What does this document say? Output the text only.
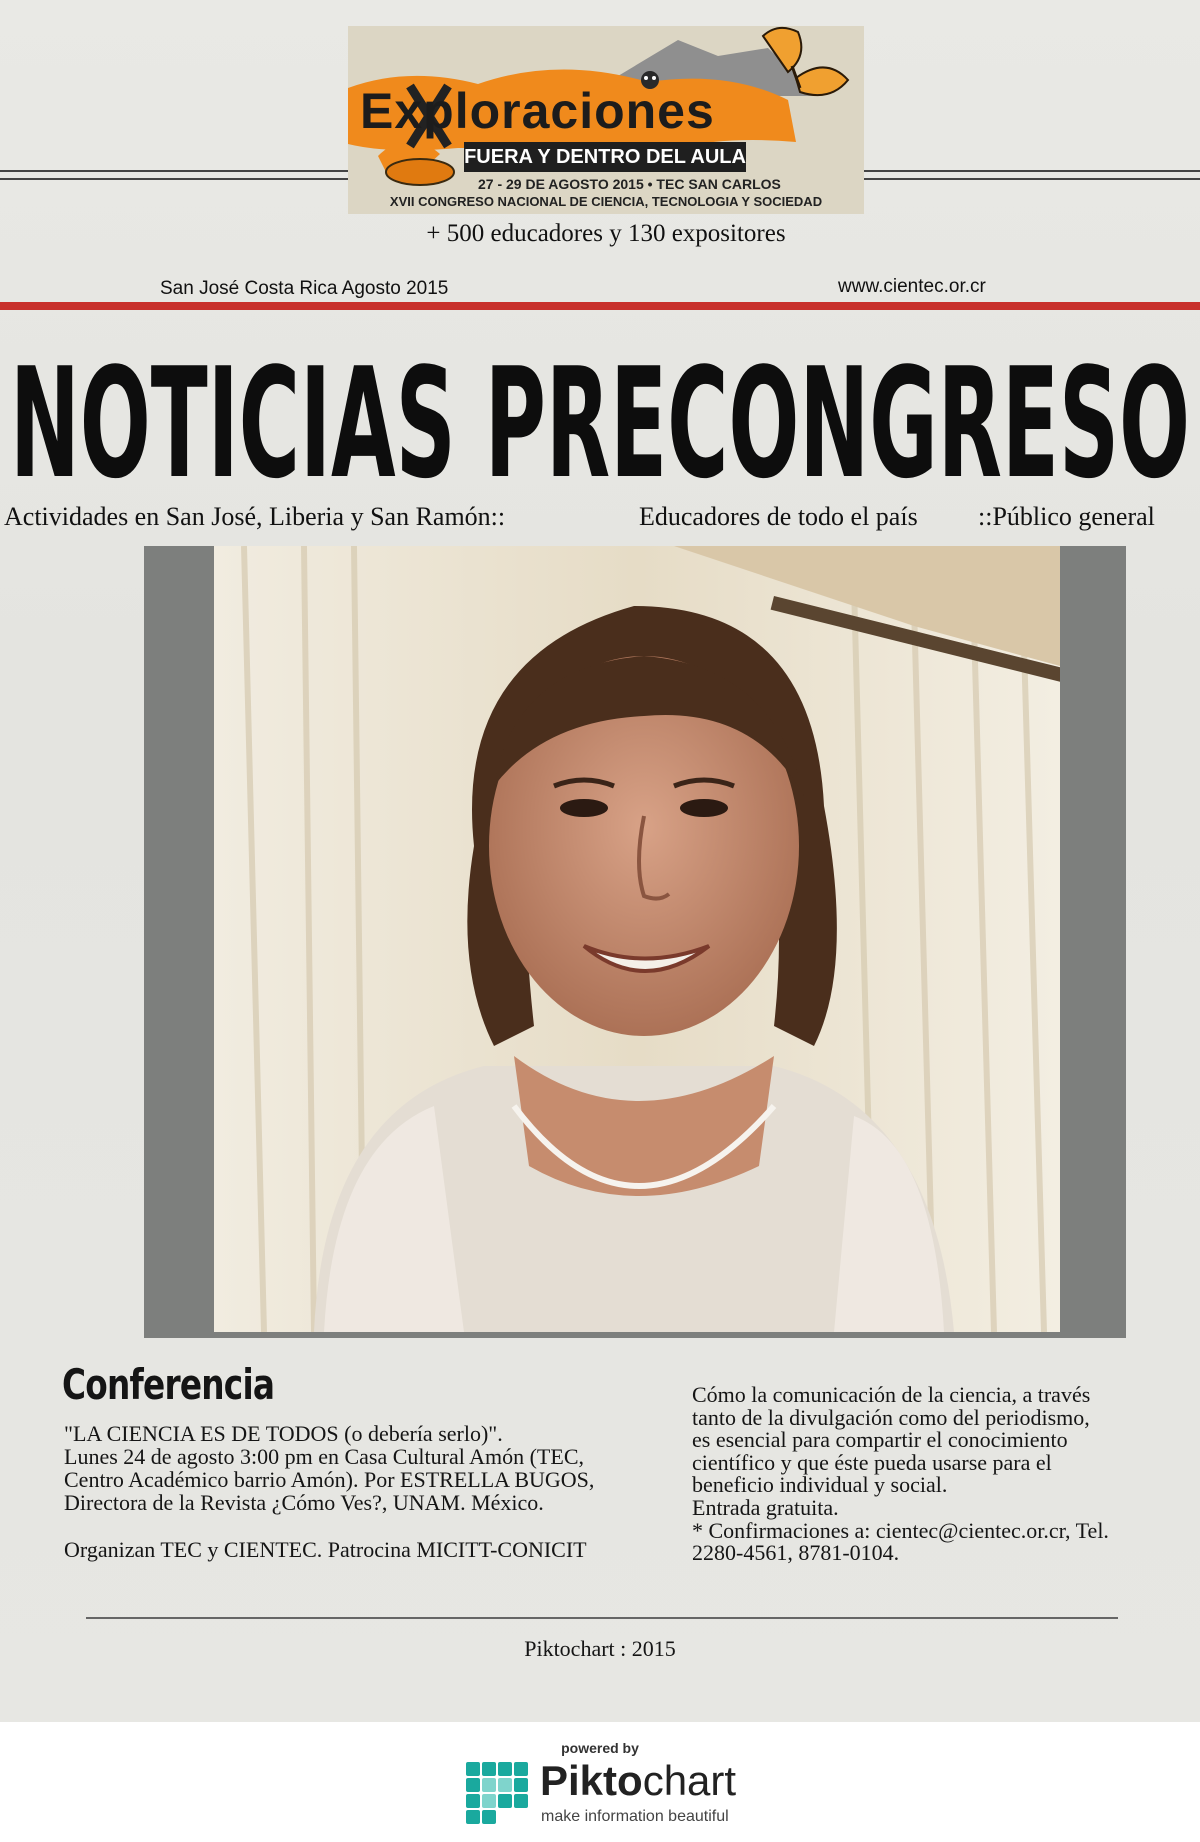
Exploraciones
FUERA Y DENTRO DEL AULA
27 - 29 DE AGOSTO 2015 • TEC SAN CARLOS
XVII CONGRESO NACIONAL DE CIENCIA, TECNOLOGIA Y SOCIEDAD
+ 500 educadores y 130 expositores
San José Costa Rica Agosto 2015	www.cientec.or.cr
NOTICIAS PRECONGRESO
Actividades en San José, Liberia y San Ramón::	Educadores de todo el país ::Público general
Conferencia

"LA CIENCIA ES DE TODOS (o debería serlo)".

Lunes 24 de agosto 3:00 pm en Casa Cultural Amón (TEC,

Centro Académico barrio Amón). Por ESTRELLA BUGOS,

Directora de la Revista ¿Cómo Ves?, UNAM. México.

Organizan TEC y CIENTEC. Patrocina MICITT-CONICIT

Cómo la comunicación de la ciencia, a través

tanto de la divulgación como del periodismo,

es esencial para compartir el conocimiento

científico y que éste pueda usarse para el

beneficio individual y social.

Entrada gratuita.

* Confirmaciones a: cientec@cientec.or.cr, Tel.

2280-4561, 8781-0104.

Piktochart : 2015
powered by
Piktochart
make information beautiful
